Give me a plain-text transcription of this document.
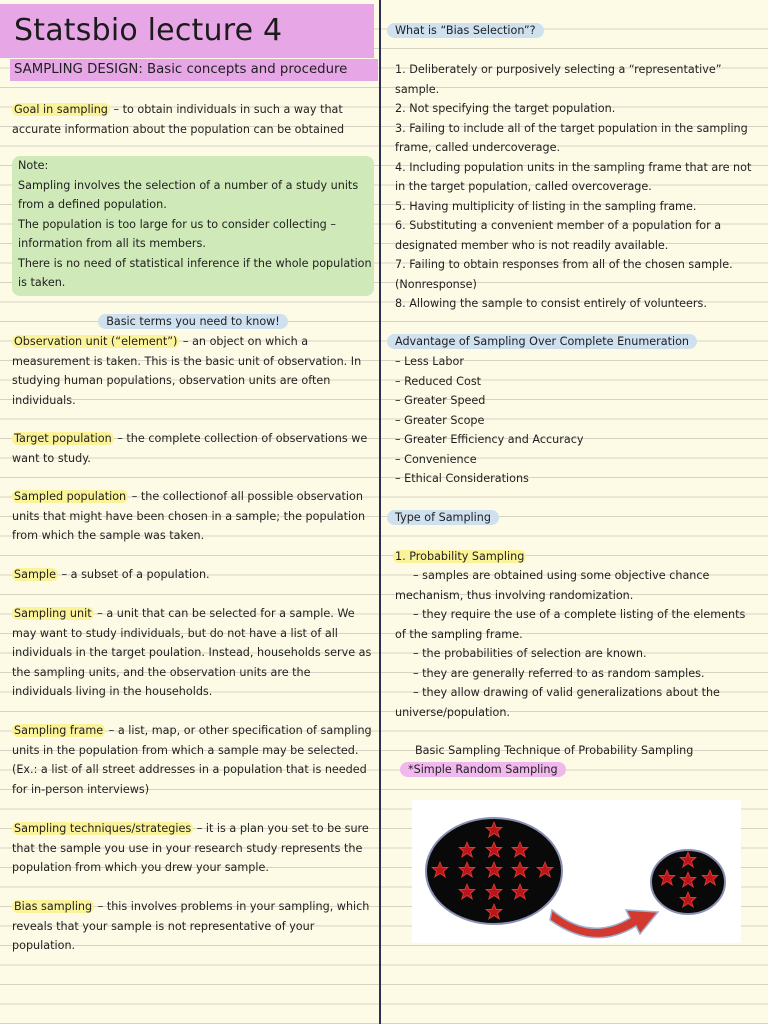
Statsbio lecture 4
SAMPLING DESIGN: Basic concepts and procedure

Goal in sampling – to obtain individuals in such a way that accurate information about the population can be obtained

Note:
Sampling involves the selection of a number of a study units from a defined population.
The population is too large for us to consider collecting – information from all its members.
There is no need of statistical inference if the whole population is taken.

Basic terms you need to know!

Observation unit (“element”) – an object on which a measurement is taken. This is the basic unit of observation. In studying human populations, observation units are often individuals.

Target population – the complete collection of observations we want to study.

Sampled population – the collectionof all possible observation units that might have been chosen in a sample; the population from which the sample was taken.

Sample – a subset of a population.

Sampling unit – a unit that can be selected for a sample. We may want to study individuals, but do not have a list of all individuals in the target poulation. Instead, households serve as the sampling units, and the observation units are the individuals living in the households.

Sampling frame – a list, map, or other specification of sampling units in the population from which a sample may be selected. (Ex.: a list of all street addresses in a population that is needed for in-person interviews)

Sampling techniques/strategies – it is a plan you set to be sure that the sample you use in your research study represents the population from which you drew your sample.

Bias sampling – this involves problems in your sampling, which reveals that your sample is not representative of your population.

What is “Bias Selection”?

1. Deliberately or purposively selecting a “representative” sample.
2. Not specifying the target population.
3. Failing to include all of the target population in the sampling frame, called undercoverage.
4. Including population units in the sampling frame that are not in the target population, called overcoverage.
5. Having multiplicity of listing in the sampling frame.
6. Substituting a convenient member of a population for a designated member who is not readily available.
7. Failing to obtain responses from all of the chosen sample. (Nonresponse)
8. Allowing the sample to consist entirely of volunteers.

Advantage of Sampling Over Complete Enumeration

– Less Labor
– Reduced Cost
– Greater Speed
– Greater Scope
– Greater Efficiency and Accuracy
– Convenience
– Ethical Considerations

Type of Sampling

1. Probability Sampling

– samples are obtained using some objective chance mechanism, thus involving randomization.
– they require the use of a complete listing of the elements of the sampling frame.
– the probabilities of selection are known.
– they are generally referred to as random samples.
– they allow drawing of valid generalizations about the universe/population.

Basic Sampling Technique of Probability Sampling

*Simple Random Sampling
